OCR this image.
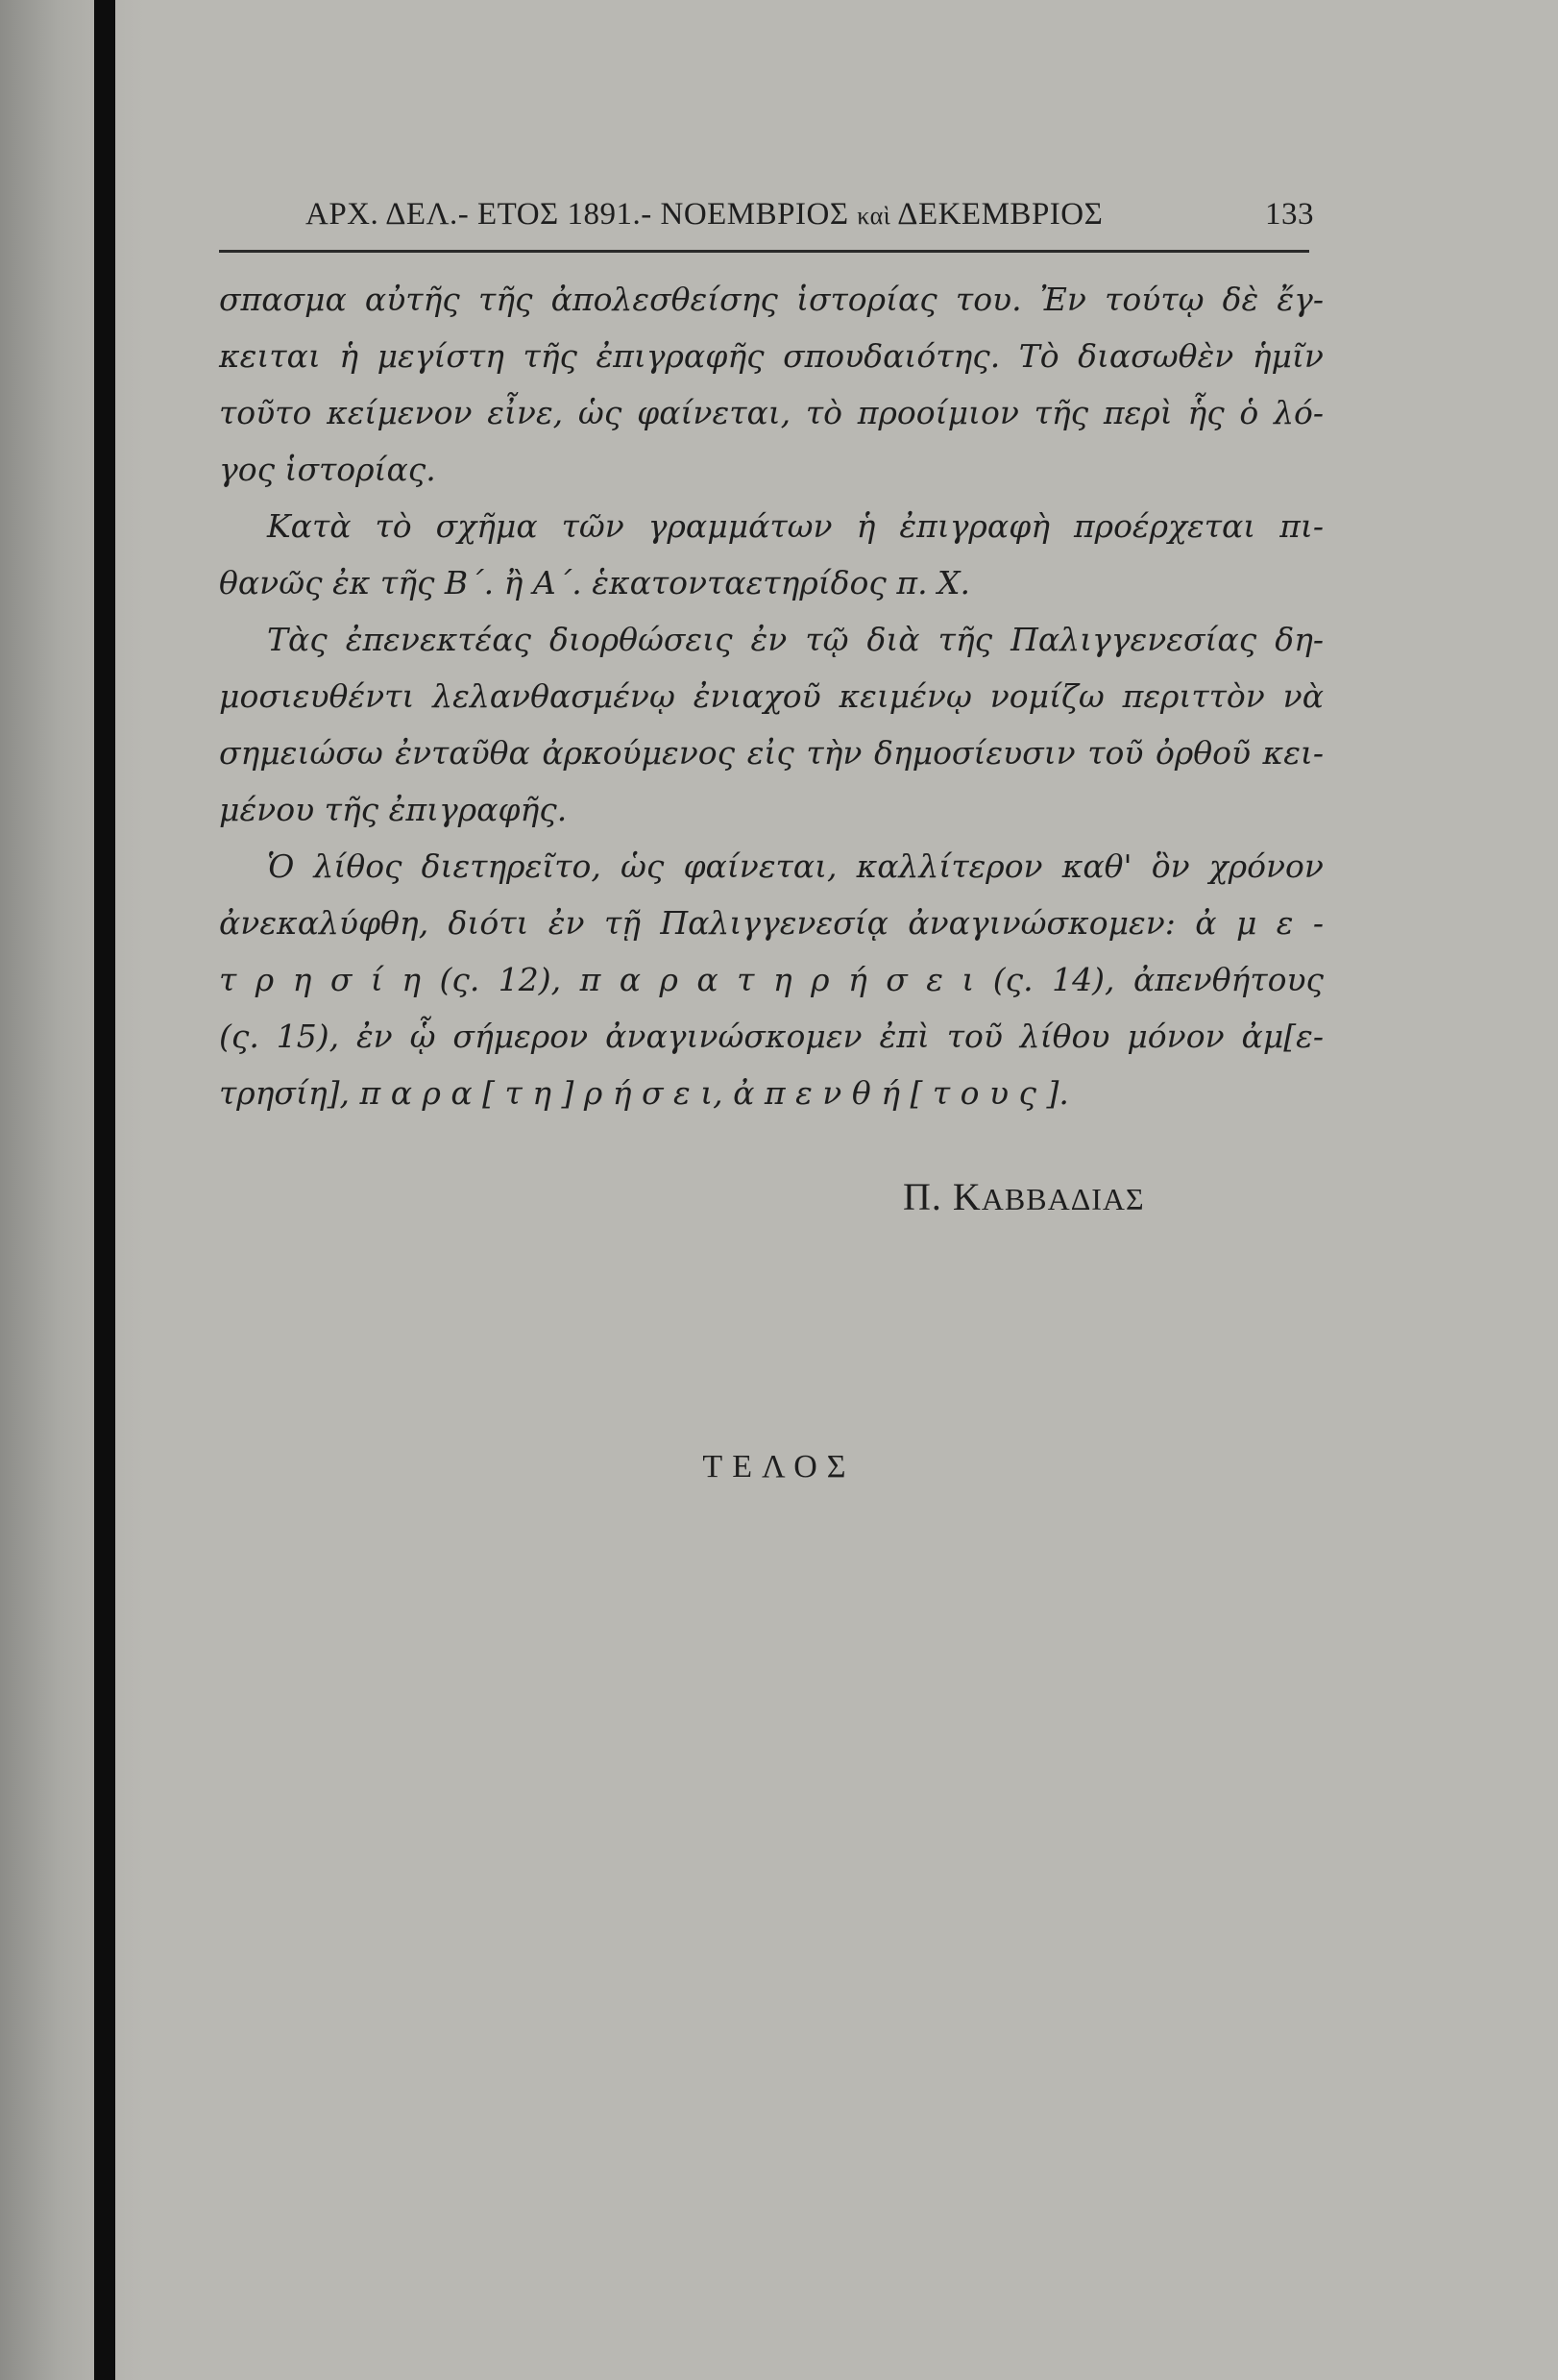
ΑΡΧ. ΔΕΛ.- ΕΤΟΣ 1891.- ΝΟΕΜΒΡΙΟΣ καὶ ΔΕΚΕΜΒΡΙΟΣ	133
σπασμα αὐτῆς τῆς ἀπολεσθείσης ἱστορίας του. Ἐν τούτῳ δὲ ἔγ-
κειται ἡ μεγίστη τῆς ἐπιγραφῆς σπουδαιότης. Τὸ διασωθὲν ἡμῖν
τοῦτο κείμενον εἶνε, ὡς φαίνεται, τὸ προοίμιον τῆς περὶ ἧς ὁ λό-
γος ἱστορίας.
Κατὰ τὸ σχῆμα τῶν γραμμάτων ἡ ἐπιγραφὴ προέρχεται πι-
θανῶς ἐκ τῆς Β΄. ἢ Α΄. ἑκατονταετηρίδος π. Χ.
Τὰς ἐπενεκτέας διορθώσεις ἐν τῷ διὰ τῆς Παλιγγενεσίας δη-
μοσιευθέντι λελανθασμένῳ ἐνιαχοῦ κειμένῳ νομίζω περιττὸν νὰ
σημειώσω ἐνταῦθα ἀρκούμενος εἰς τὴν δημοσίευσιν τοῦ ὀρθοῦ κει-
μένου τῆς ἐπιγραφῆς.
Ὁ λίθος διετηρεῖτο, ὡς φαίνεται, καλλίτερον καθ' ὃν χρόνον
ἀνεκαλύφθη, διότι ἐν τῇ Παλιγγενεσίᾳ ἀναγινώσκομεν: ἀ μ ε -
τ ρ η σ ί η (ς. 12), π α ρ α τ η ρ ή σ ε ι (ς. 14), ἀπενθήτους
(ς. 15), ἐν ᾧ σήμερον ἀναγινώσκομεν ἐπὶ τοῦ λίθου μόνον ἀμ[ε-
τρησίη], π α ρ α [ τ η ] ρ ή σ ε ι, ἀ π ε ν θ ή [ τ ο υ ς ].
Π. ΚΑΒΒΑΔΙΑΣ
ΤΕΛΟΣ
